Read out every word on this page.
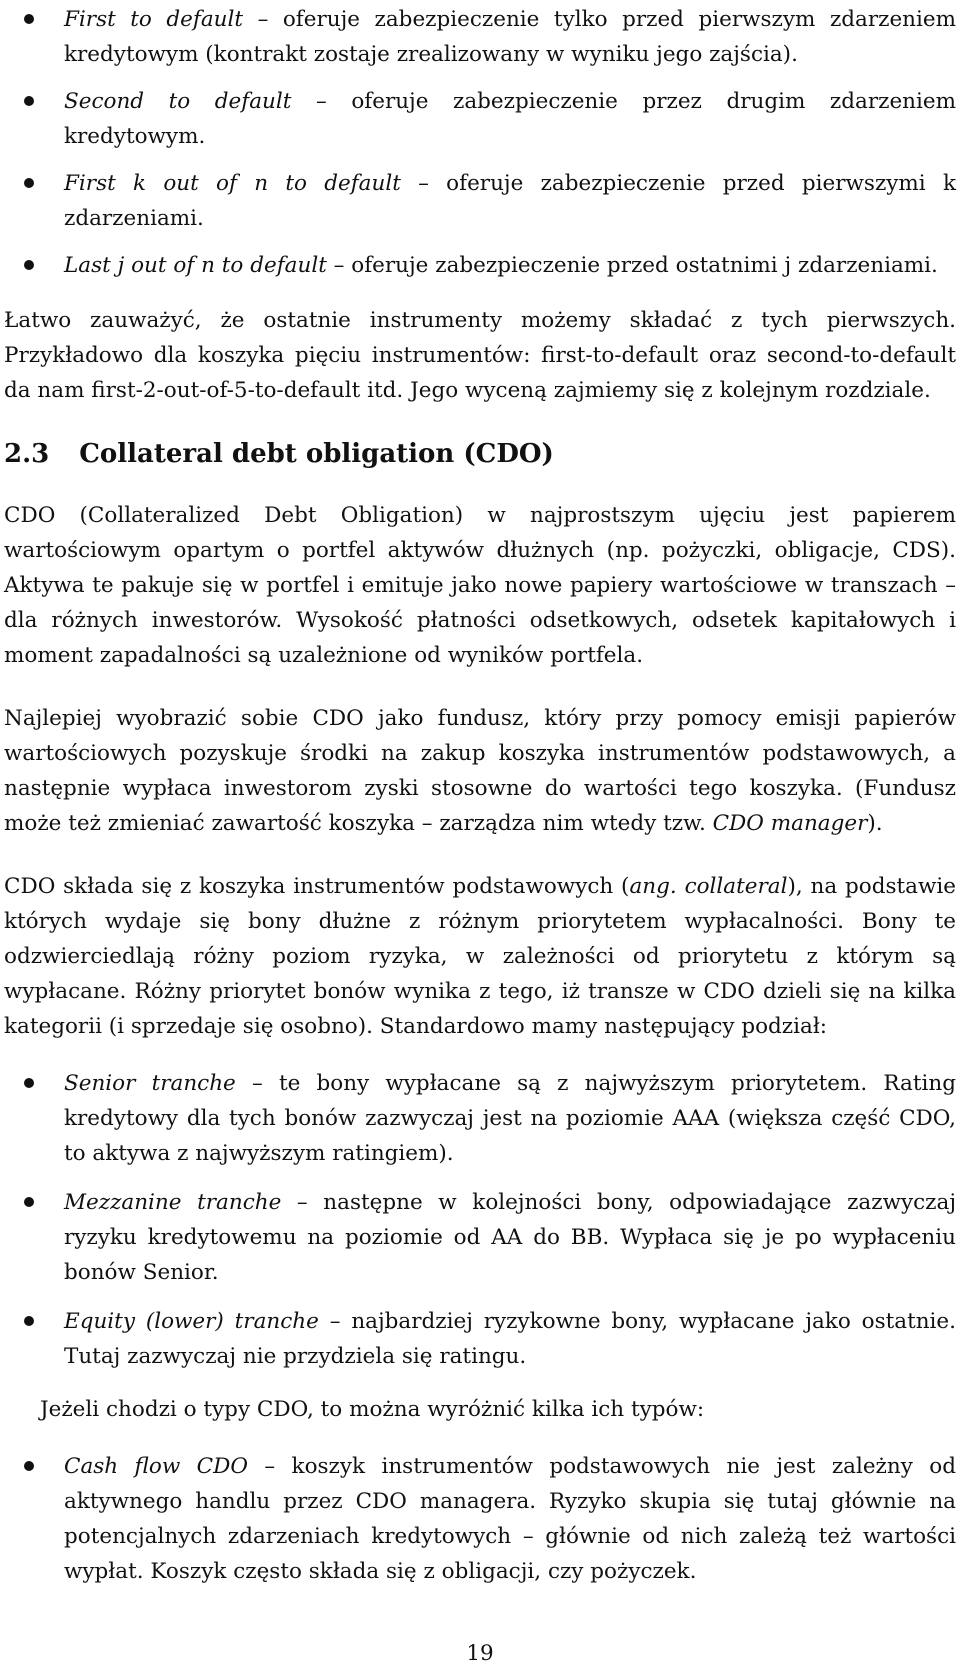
First to default – oferuje zabezpieczenie tylko przed pierwszym zdarzeniem kredytowym (kontrakt zostaje zrealizowany w wyniku jego zajścia).
Second to default – oferuje zabezpieczenie przez drugim zdarzeniem kredytowym.
First k out of n to default – oferuje zabezpieczenie przed pierwszymi k zdarzeniami.
Last j out of n to default – oferuje zabezpieczenie przed ostatnimi j zdarzeniami.

Łatwo zauważyć, że ostatnie instrumenty możemy składać z tych pierwszych. Przykładowo dla koszyka pięciu instrumentów: first-to-default oraz second-to-default da nam first-2-out-of-5-to-default itd. Jego wyceną zajmiemy się z kolejnym rozdziale.

2.3 Collateral debt obligation (CDO)

CDO (Collateralized Debt Obligation) w najprostszym ujęciu jest papierem wartościowym opartym o portfel aktywów dłużnych (np. pożyczki, obligacje, CDS). Aktywa te pakuje się w portfel i emituje jako nowe papiery wartościowe w transzach – dla różnych inwestorów. Wysokość płatności odsetkowych, odsetek kapitałowych i moment zapadalności są uzależnione od wyników portfela.

Najlepiej wyobrazić sobie CDO jako fundusz, który przy pomocy emisji papierów wartościowych pozyskuje środki na zakup koszyka instrumentów podstawowych, a następnie wypłaca inwestorom zyski stosowne do wartości tego koszyka. (Fundusz może też zmieniać zawartość koszyka – zarządza nim wtedy tzw. CDO manager).

CDO składa się z koszyka instrumentów podstawowych (ang. collateral), na podstawie których wydaje się bony dłużne z różnym priorytetem wypłacalności. Bony te odzwierciedlają różny poziom ryzyka, w zależności od priorytetu z którym są wypłacane. Różny priorytet bonów wynika z tego, iż transze w CDO dzieli się na kilka kategorii (i sprzedaje się osobno). Standardowo mamy następujący podział:

Senior tranche – te bony wypłacane są z najwyższym priorytetem. Rating kredytowy dla tych bonów zazwyczaj jest na poziomie AAA (większa część CDO, to aktywa z najwyższym ratingiem).
Mezzanine tranche – następne w kolejności bony, odpowiadające zazwyczaj ryzyku kredytowemu na poziomie od AA do BB. Wypłaca się je po wypłaceniu bonów Senior.
Equity (lower) tranche – najbardziej ryzykowne bony, wypłacane jako ostatnie. Tutaj zazwyczaj nie przydziela się ratingu.

Jeżeli chodzi o typy CDO, to można wyróżnić kilka ich typów:

Cash flow CDO – koszyk instrumentów podstawowych nie jest zależny od aktywnego handlu przez CDO managera. Ryzyko skupia się tutaj głównie na potencjalnych zdarzeniach kredytowych – głównie od nich zależą też wartości wypłat. Koszyk często składa się z obligacji, czy pożyczek.
19
